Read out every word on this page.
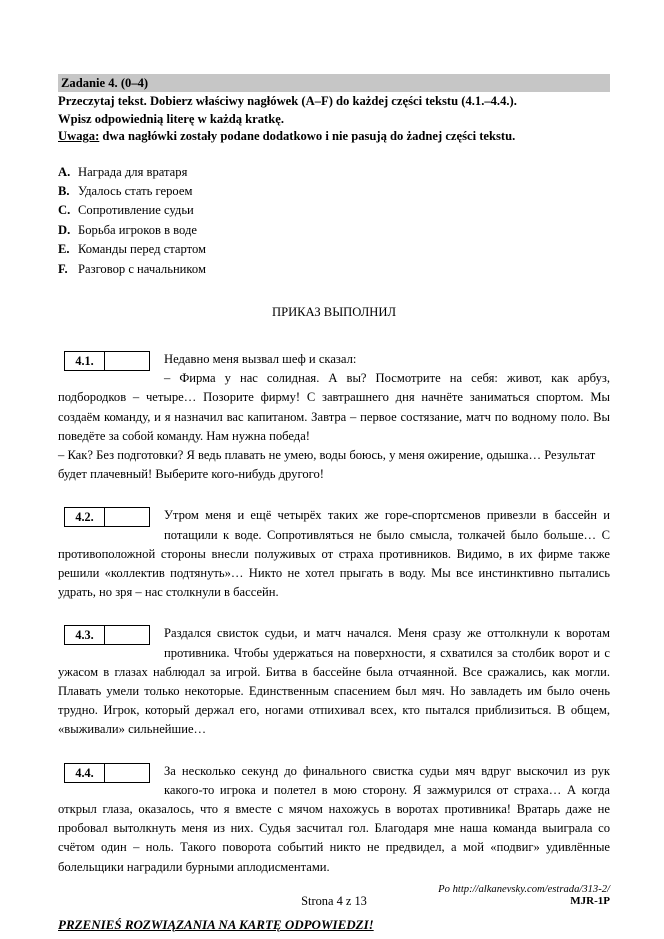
Zadanie 4. (0–4)
Przeczytaj tekst. Dobierz właściwy nagłówek (A–F) do każdej części tekstu (4.1.–4.4.).
Wpisz odpowiednią literę w każdą kratkę.
Uwaga: dwa nagłówki zostały podane dodatkowo i nie pasują do żadnej części tekstu.
A. Награда для вратаря
B. Удалось стать героем
C. Сопротивление судьи
D. Борьба игроков в воде
E. Команды перед стартом
F. Разговор с начальником
ПРИКАЗ ВЫПОЛНИЛ
4.1.	Недавно меня вызвал шеф и сказал:

– Фирма у нас солидная. А вы? Посмотрите на себя: живот, как арбуз, подбородков – четыре… Позорите фирму! С завтрашнего дня начнёте заниматься спортом. Мы создаём команду, и я назначил вас капитаном. Завтра – первое состязание, матч по водному поло. Вы поведёте за собой команду. Нам нужна победа!

– Как? Без подготовки? Я ведь плавать не умею, воды боюсь, у меня ожирение, одышка… Результат будет плачевный! Выберите кого-нибудь другого!

4.2.	Утром меня и ещё четырёх таких же горе-спортсменов привезли в бассейн и потащили к воде. Сопротивляться не было смысла, толкачей было больше… С противоположной стороны внесли полуживых от страха противников. Видимо, в их фирме также решили «коллектив подтянуть»… Никто не хотел прыгать в воду. Мы все инстинктивно пытались удрать, но зря – нас столкнули в бассейн.

4.3.	Раздался свисток судьи, и матч начался. Меня сразу же оттолкнули к воротам противника. Чтобы удержаться на поверхности, я схватился за столбик ворот и с ужасом в глазах наблюдал за игрой. Битва в бассейне была отчаянной. Все сражались, как могли. Плавать умели только некоторые. Единственным спасением был мяч. Но завладеть им было очень трудно. Игрок, который держал его, ногами отпихивал всех, кто пытался приблизиться. В общем, «выживали» сильнейшие…

4.4.	За несколько секунд до финального свистка судьи мяч вдруг выскочил из рук какого-то игрока и полетел в мою сторону. Я зажмурился от страха… А когда открыл глаза, оказалось, что я вместе с мячом нахожусь в воротах противника! Вратарь даже не пробовал вытолкнуть меня из них. Судья засчитал гол. Благодаря мне наша команда выиграла со счётом один – ноль. Такого поворота событий никто не предвидел, а мой «подвиг» удивлённые болельщики наградили бурными аплодисментами.

Po http://alkanevsky.com/estrada/313-2/
PRZENIEŚ ROZWIĄZANIA NA KARTĘ ODPOWIEDZI!
Strona 4 z 13	MJR-1P
